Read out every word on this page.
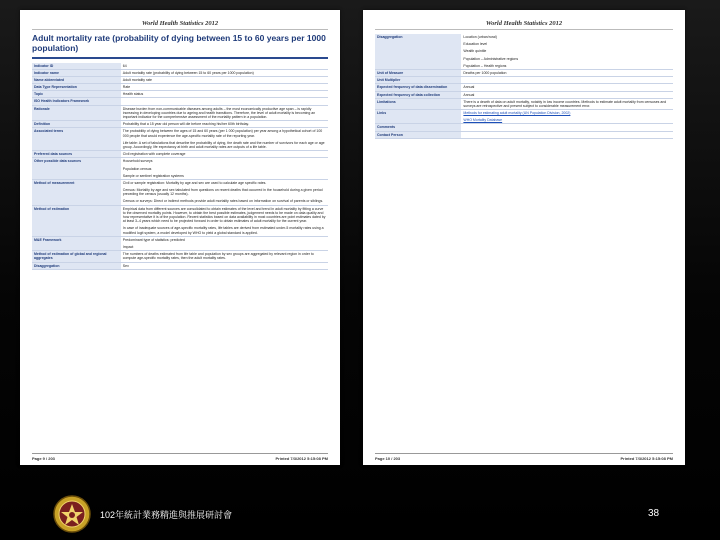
World Health Statistics 2012
Adult mortality rate (probability of dying between 15 to 60 years per 1000 population)
Indicator ID	64

Indicator name	Adult mortality rate (probability of dying between 15 to 60 years per 1000 population)

Name abbreviated	Adult mortality rate

Data Type Representation	Rate

Topic	Health status

ISO Health Indicators Framework	

Rationale	Disease burden from non-communicable diseases among adults – the most economically productive age span – is rapidly increasing in developing countries due to ageing and health transitions. Therefore, the level of adult mortality is becoming an important indicator for the comprehensive assessment of the mortality pattern in a population.

Definition	Probability that a 15 year old person will die before reaching his/her 60th birthday.

Associated terms	The probability of dying between the ages of 15 and 60 years (per 1 000 population) per year among a hypothetical cohort of 100 000 people that would experience the age-specific mortality rate of the reporting year.
Life table: A set of tabulations that describe the probability of dying, the death rate and the number of survivors for each age or age group. Accordingly, life expectancy at birth and adult mortality rates are outputs of a life table.

Preferred data sources	Civil registration with complete coverage

Other possible data sources	Household surveys
Population census
Sample or sentinel registration systems

Method of measurement	Civil or sample registration: Mortality by age and sex are used to calculate age specific rates.
Census: Mortality by age and sex tabulated from questions on recent deaths that occurred in the household during a given period preceding the census (usually 12 months).
Census or surveys: Direct or indirect methods provide adult mortality rates based on information on survival of parents or siblings.

Method of estimation	Empirical data from different sources are consolidated to obtain estimates of the level and trend in adult mortality by fitting a curve to the observed mortality points. However, to obtain the best possible estimates, judgement needs to be made on data quality and how representative it is of the population. Recent statistics based on data availability in most countries are point estimates dated by at least 3–4 years which need to be projected forward in order to obtain estimates of adult mortality for the current year.
In case of inadequate sources of age-specific mortality rates, life tables are derived from estimated under-5 mortality rates using a modified logit system, a model developed by WHO to yield a global standard is applied.

M&E Framework	Predominant type of statistics: predicted
Impact

Method of estimation of global and regional aggregates	The numbers of deaths estimated from life table and population by sex groups are aggregated by relevant region in order to compute age-specific mortality rates, then the adult mortality rates.

Disaggregation	Sex
Page 9 / 203	Printed 7/3/2012 5:15:08 PM
World Health Statistics 2012
Disaggregation	Location (urban/rural)
Education level
Wealth quintile
Population – Administrative regions
Population – Health regions

Unit of Measure	Deaths per 1000 population

Unit Multiplier	

Expected frequency of data dissemination	Annual

Expected frequency of data collection	Annual

Limitations	There is a dearth of data on adult mortality, notably in low income countries. Methods to estimate adult mortality from censuses and surveys are retrospective and present subject to considerable measurement error.

Links	Methods for estimating adult mortality (UN Population Division, 2002)
WHO Mortality Database

Comments	

Contact Person	
Page 10 / 203	Printed 7/3/2012 5:15:08 PM
102年統計業務精進與推展研討會	38
